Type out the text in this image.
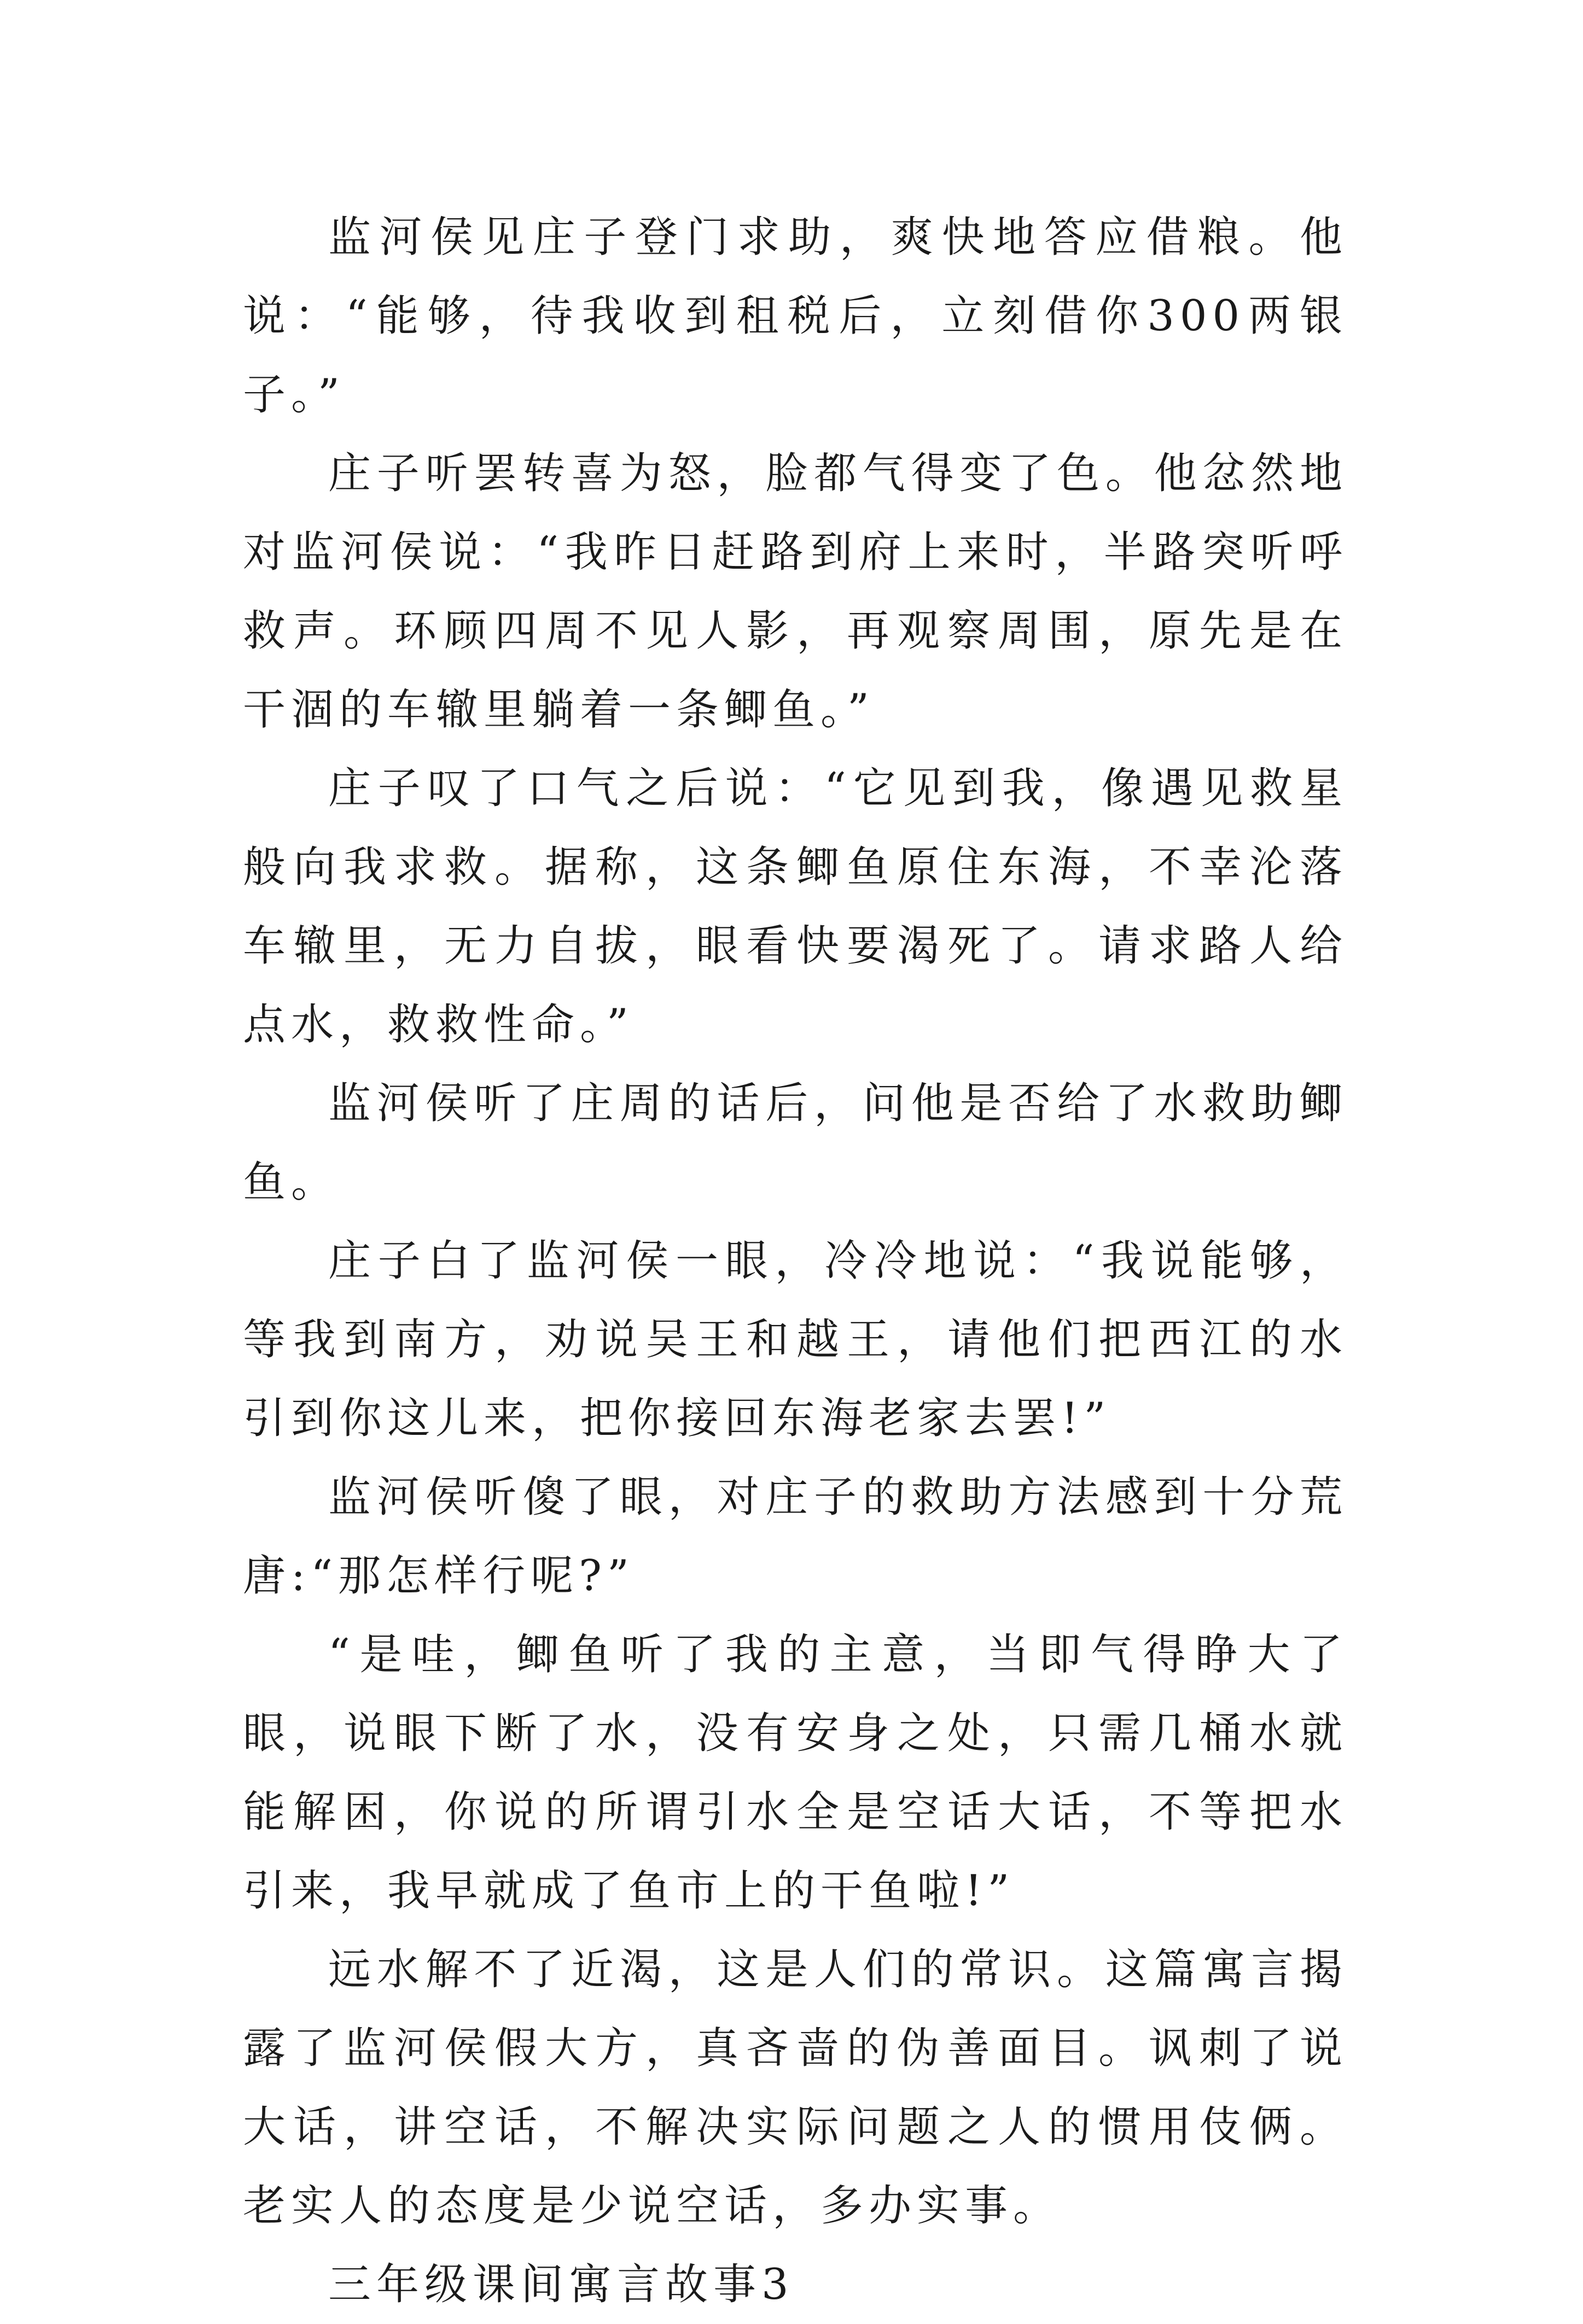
监河侯见庄子登门求助，爽快地答应借粮。他说：“能够，待我收到租税后，立刻借你300两银子。”

庄子听罢转喜为怒，脸都气得变了色。他忿然地对监河侯说：“我昨日赶路到府上来时，半路突听呼救声。环顾四周不见人影，再观察周围，原先是在干涸的车辙里躺着一条鲫鱼。”

庄子叹了口气之后说：“它见到我，像遇见救星般向我求救。据称，这条鲫鱼原住东海，不幸沦落车辙里，无力自拔，眼看快要渴死了。请求路人给点水，救救性命。”

监河侯听了庄周的话后，问他是否给了水救助鲫鱼。

庄子白了监河侯一眼，冷冷地说：“我说能够，等我到南方，劝说吴王和越王，请他们把西江的水引到你这儿来，把你接回东海老家去罢!”

监河侯听傻了眼，对庄子的救助方法感到十分荒唐:“那怎样行呢?”

“是哇，鲫鱼听了我的主意，当即气得睁大了眼，说眼下断了水，没有安身之处，只需几桶水就能解困，你说的所谓引水全是空话大话，不等把水引来，我早就成了鱼市上的干鱼啦!”

远水解不了近渴，这是人们的常识。这篇寓言揭露了监河侯假大方，真吝啬的伪善面目。讽刺了说大话，讲空话，不解决实际问题之人的惯用伎俩。老实人的态度是少说空话，多办实事。

三年级课间寓言故事3
